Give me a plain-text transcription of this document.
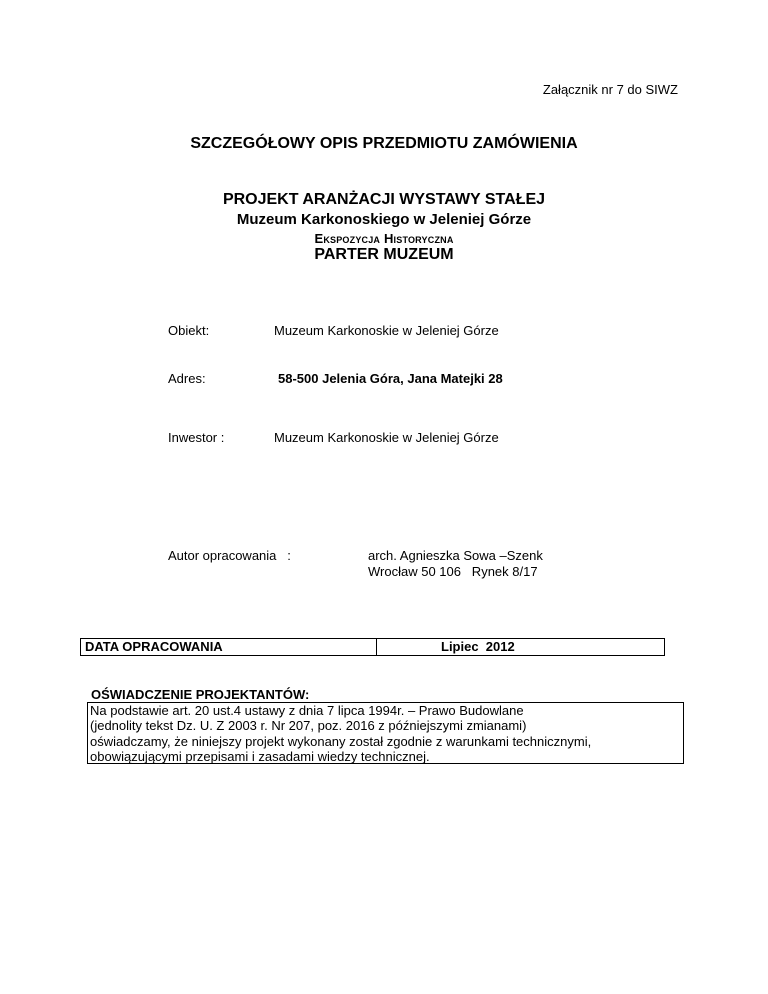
Załącznik nr 7 do SIWZ
SZCZEGÓŁOWY OPIS PRZEDMIOTU ZAMÓWIENIA
PROJEKT ARANŻACJI WYSTAWY STAŁEJ
Muzeum Karkonoskiego w Jeleniej Górze
Ekspozycja Historyczna
PARTER MUZEUM
Obiekt:	Muzeum Karkonoskie w Jeleniej Górze
Adres:	58-500 Jelenia Góra, Jana Matejki 28
Inwestor :	Muzeum Karkonoskie w Jeleniej Górze
Autor opracowania   :	arch. Agnieszka Sowa –Szenk
Wrocław 50 106   Rynek 8/17
DATA OPRACOWANIA	Lipiec  2012
OŚWIADCZENIE PROJEKTANTÓW:
Na podstawie art. 20 ust.4 ustawy z dnia 7 lipca 1994r. – Prawo Budowlane
(jednolity tekst Dz. U. Z 2003 r. Nr 207, poz. 2016 z późniejszymi zmianami)
oświadczamy, że niniejszy projekt wykonany został zgodnie z warunkami technicznymi,
obowiązującymi przepisami i zasadami wiedzy technicznej.
